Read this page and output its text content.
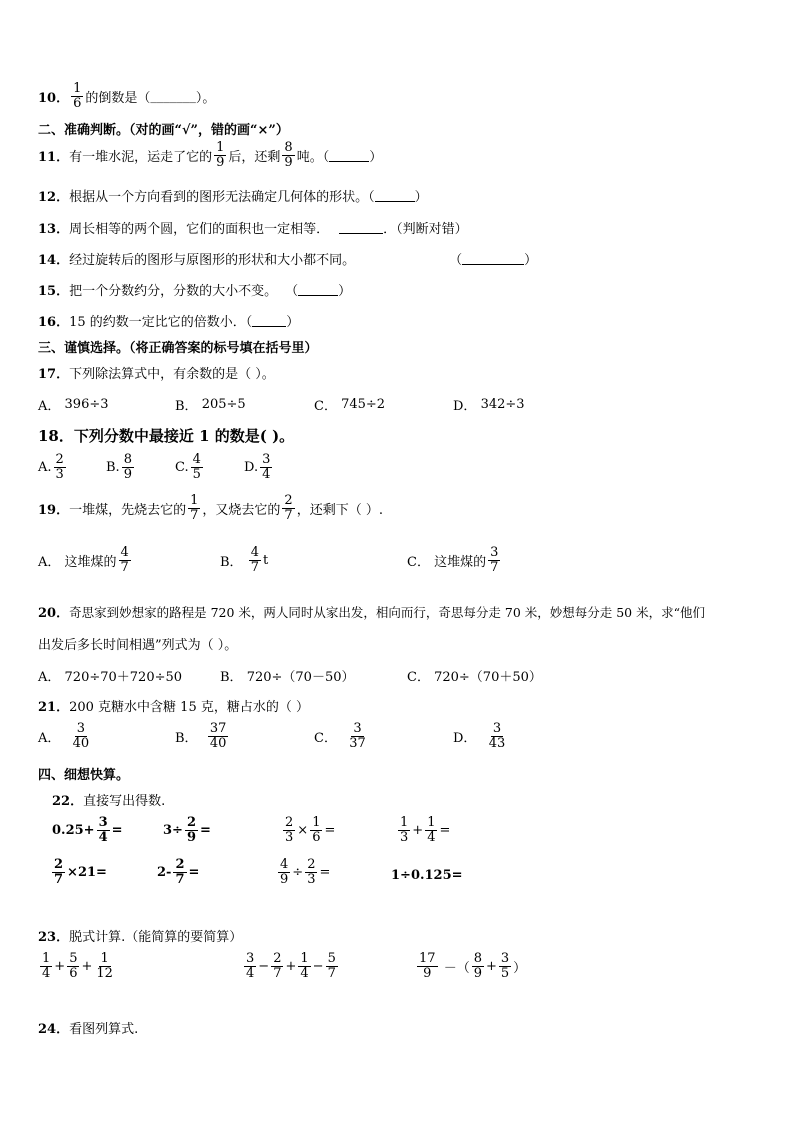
10． $\frac{1}{6}$ 的倒数是（ _______ ）。
二、准确判断。（对的画“√”，错的画“×”）
11． 有一堆水泥，运走了它的 $\frac{1}{9}$ 后，还剩 $\frac{8}{9}$ 吨。（	）
12． 根据从一个方向看到的图形无法确定几何体的形状。（	）
13． 周长相等的两个圆，它们的面积也一定相等．	．（判断对错）
14． 经过旋转后的图形与原图形的形状和大小都不同。	（	）
15． 把一个分数约分，分数的大小不变。 （	）
16． 15 的约数一定比它的倍数小．（	）
三、谨慎选择。（将正确答案的标号填在括号里）
17． 下列除法算式中，有余数的是（ ）。
A．
396÷3	B．
205÷5	C．
745÷2	D．
342÷3
18． 下列分数中最接近 1 的数是( )。
A. $\frac{2}{3}$	B. $\frac{8}{9}$	C. $\frac{4}{5}$	D. $\frac{3}{4}$
19． 一堆煤，先烧去它的 $\frac{1}{7}$ ，又烧去它的 $\frac{2}{7}$ ，还剩下（ ）.
A．
这堆煤的 $\frac{4}{7}$	B．
$\frac{4}{7}$ t	C．
这堆煤的 $\frac{3}{7}$
20． 奇思家到妙想家的路程是 720 米，两人同时从家出发，相向而行，奇思每分走 70 米，妙想每分走 50 米，求“他们
出发后多长时间相遇”列式为（ ）。
A．
720÷70＋720÷50	B．
720÷（70－50）	C．
720÷（70＋50）
21． 200 克糖水中含糖 15 克，糖占水的（ ）
A．
$\frac{3}{40}$	B．
$\frac{37}{40}$	C．
$\frac{3}{37}$	D．
$\frac{3}{43}$
四、细想快算。
22． 直接写出得数.
$0.25+ \frac{3}{4}$ =	$3\div \frac{2}{9}$ =	$\frac{2}{3} \times \frac{1}{6}$ =	$\frac{1}{3} + \frac{1}{4}$ =
$\frac{2}{7} \times 21=$	$2- \frac{2}{7}$ =	$\frac{4}{9} \div \frac{2}{3}$ =	1÷0.125=
23． 脱式计算.（能简算的要简算）
$\frac{1}{4} + \frac{5}{6} + \frac{1}{12}$	$\frac{3}{4} - \frac{2}{7} + \frac{1}{4} - \frac{5}{7}$	$\frac{17}{9}$
－（ $\frac{8}{9} + \frac{3}{5}$ ）
24． 看图列算式.
